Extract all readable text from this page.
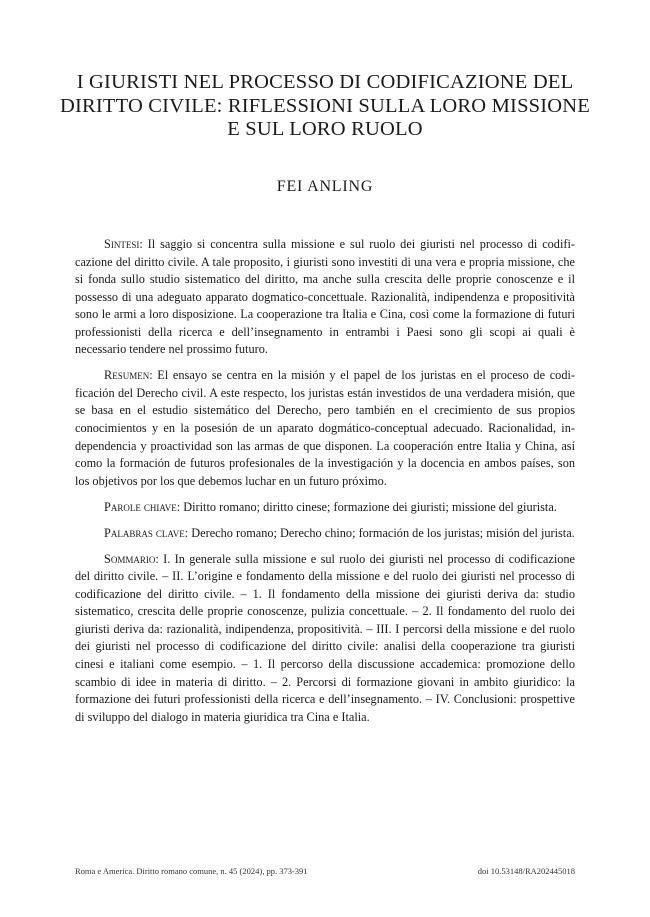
I GIURISTI NEL PROCESSO DI CODIFICAZIONE DEL
DIRITTO CIVILE: RIFLESSIONI SULLA LORO MISSIONE
E SUL LORO RUOLO
FEI ANLING

Sintesi: Il saggio si concentra sulla missione e sul ruolo dei giuristi nel processo di codificazione del diritto civile. A tale proposito, i giuristi sono investiti di una vera e propria missione, che si fonda sullo studio sistematico del diritto, ma anche sulla crescita delle proprie conoscenze e il possesso di una adeguato apparato dogmatico-concettuale. Razionalità, indipendenza e propositività sono le armi a loro disposizione. La cooperazione tra Italia e Cina, così come la formazione di futuri professionisti della ricerca e dell’insegnamento in entrambi i Paesi sono gli scopi ai quali è necessario tendere nel prossimo futuro.

Resumen: El ensayo se centra en la misión y el papel de los juristas en el proceso de codificación del Derecho civil. A este respecto, los juristas están investidos de una verdadera misión, que se basa en el estudio sistemático del Derecho, pero también en el crecimiento de sus propios conocimientos y en la posesión de un aparato dogmático-conceptual adecuado. Racionalidad, independencia y proactividad son las armas de que disponen. La cooperación entre Italia y China, así como la formación de futuros profesionales de la investigación y la docencia en ambos países, son los objetivos por los que debemos luchar en un futuro próximo.

Parole chiave: Diritto romano; diritto cinese; formazione dei giuristi; missione del giurista.

Palabras clave: Derecho romano; Derecho chino; formación de los juristas; misión del jurista.

Sommario: I. In generale sulla missione e sul ruolo dei giuristi nel processo di codificazione del diritto civile. – II. L’origine e fondamento della missione e del ruolo dei giuristi nel processo di codificazione del diritto civile. – 1. Il fondamento della missione dei giuristi deriva da: studio sistematico, crescita delle proprie conoscenze, pulizia concettuale. – 2. Il fondamento del ruolo dei giuristi deriva da: razionalità, indipendenza, propositività. – III. I percorsi della missione e del ruolo dei giuristi nel processo di codificazione del diritto civile: analisi della cooperazione tra giuristi cinesi e italiani come esempio. – 1. Il percorso della discussione accademica: promozione dello scambio di idee in materia di diritto. – 2. Percorsi di formazione giovani in ambito giuridico: la formazione dei futuri professionisti della ricerca e dell’insegnamento. – IV. Conclusioni: prospettive di sviluppo del dialogo in materia giuridica tra Cina e Italia.

Roma e America. Diritto romano comune, n. 45 (2024), pp. 373-391	doi 10.53148/RA202445018
